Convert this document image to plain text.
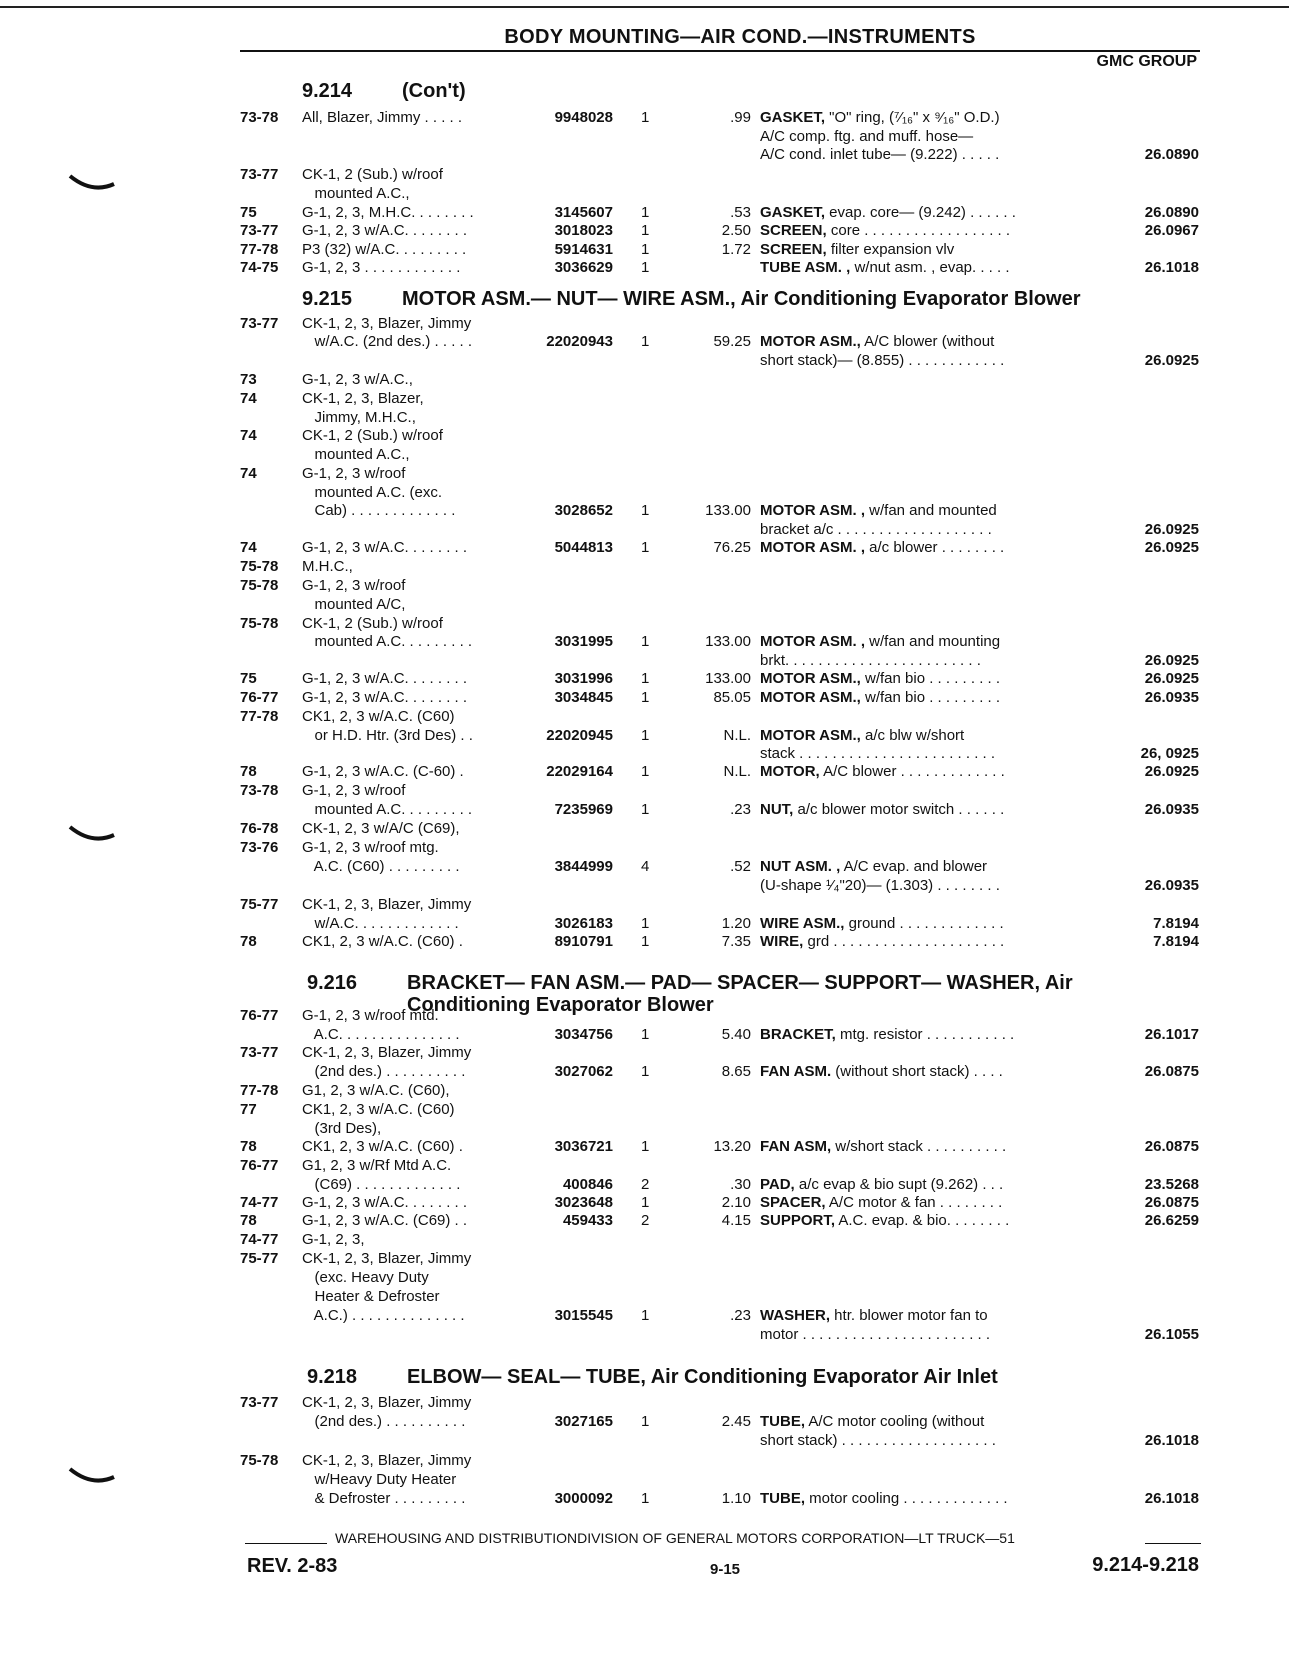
BODY MOUNTING—AIR COND.—INSTRUMENTS
GMC GROUP
9.214 (Con't)
9.215 MOTOR ASM.— NUT— WIRE ASM., Air Conditioning Evaporator Blower
9.216 BRACKET— FAN ASM.— PAD— SPACER— SUPPORT— WASHER, Air
Conditioning Evaporator Blower
9.218 ELBOW— SEAL— TUBE, Air Conditioning Evaporator Air Inlet
73-78 All, Blazer, Jimmy . . . . .	9948028 1	.99 GASKET, "O" ring, (⁷⁄₁₆" x ⁹⁄₁₆" O.D.)
A/C comp. ftg. and muff. hose—
A/C cond. inlet tube— (9.222) . . . . .	26.0890
73-77 CK-1, 2 (Sub.) w/roof
mounted A.C.,
75	G-1, 2, 3, M.H.C. . . . . . . .	3145607 1	.53 GASKET, evap. core— (9.242) . . . . . .	26.0890
73-77 G-1, 2, 3 w/A.C. . . . . . . .	3018023 1	2.50 SCREEN, core . . . . . . . . . . . . . . . . . .	26.0967
77-78 P3 (32) w/A.C. . . . . . . . .	5914631 1	1.72 SCREEN, filter expansion vlv
74-75 G-1, 2, 3 . . . . . . . . . . . .	3036629 1	TUBE ASM. , w/nut asm. , evap. . . . .	26.1018
73-77 CK-1, 2, 3, Blazer, Jimmy
w/A.C. (2nd des.) . . . . .	22020943 1	59.25 MOTOR ASM., A/C blower (without
short stack)— (8.855) . . . . . . . . . . . .	26.0925
73	G-1, 2, 3 w/A.C.,
74	CK-1, 2, 3, Blazer,
Jimmy, M.H.C.,
74	CK-1, 2 (Sub.) w/roof
mounted A.C.,
74	G-1, 2, 3 w/roof
mounted A.C. (exc.
Cab) . . . . . . . . . . . . .	3028652 1	133.00 MOTOR ASM. , w/fan and mounted
bracket a/c . . . . . . . . . . . . . . . . . . .	26.0925
74	G-1, 2, 3 w/A.C. . . . . . . .	5044813 1	76.25 MOTOR ASM. , a/c blower . . . . . . . .	26.0925
75-78 M.H.C.,
75-78 G-1, 2, 3 w/roof
mounted A/C,
75-78 CK-1, 2 (Sub.) w/roof
mounted A.C. . . . . . . . .	3031995 1	133.00 MOTOR ASM. , w/fan and mounting
brkt. . . . . . . . . . . . . . . . . . . . . . . .	26.0925
75	G-1, 2, 3 w/A.C. . . . . . . .	3031996 1	133.00 MOTOR ASM., w/fan bio . . . . . . . . .	26.0925
76-77 G-1, 2, 3 w/A.C. . . . . . . .	3034845 1	85.05 MOTOR ASM., w/fan bio . . . . . . . . .	26.0935
77-78 CK1, 2, 3 w/A.C. (C60)
or H.D. Htr. (3rd Des) . .	22020945 1	N.L. MOTOR ASM., a/c blw w/short
stack . . . . . . . . . . . . . . . . . . . . . . . .	26, 0925
78	G-1, 2, 3 w/A.C. (C-60) .	22029164 1	N.L. MOTOR, A/C blower . . . . . . . . . . . . .	26.0925
73-78 G-1, 2, 3 w/roof
mounted A.C. . . . . . . . .	7235969 1	.23 NUT, a/c blower motor switch . . . . . .	26.0935
76-78 CK-1, 2, 3 w/A/C (C69),
73-76 G-1, 2, 3 w/roof mtg.
A.C. (C60) . . . . . . . . .	3844999 4	.52 NUT ASM. , A/C evap. and blower
(U-shape ¹⁄₄"20)— (1.303) . . . . . . . .	26.0935
75-77 CK-1, 2, 3, Blazer, Jimmy
w/A.C. . . . . . . . . . . . .	3026183 1	1.20 WIRE ASM., ground . . . . . . . . . . . . .	7.8194
78	CK1, 2, 3 w/A.C. (C60) .	8910791 1	7.35 WIRE, grd . . . . . . . . . . . . . . . . . . . . .	7.8194
76-77 G-1, 2, 3 w/roof mtd.
A.C. . . . . . . . . . . . . . .	3034756 1	5.40 BRACKET, mtg. resistor . . . . . . . . . . .	26.1017
73-77 CK-1, 2, 3, Blazer, Jimmy
(2nd des.) . . . . . . . . . .	3027062 1	8.65 FAN ASM. (without short stack) . . . .	26.0875
77-78 G1, 2, 3 w/A.C. (C60),
77	CK1, 2, 3 w/A.C. (C60)
(3rd Des),
78	CK1, 2, 3 w/A.C. (C60) .	3036721 1	13.20 FAN ASM, w/short stack . . . . . . . . . .	26.0875
76-77 G1, 2, 3 w/Rf Mtd A.C.
(C69) . . . . . . . . . . . . .	400846 2	.30 PAD, a/c evap & bio supt (9.262) . . .	23.5268
74-77 G-1, 2, 3 w/A.C. . . . . . . .	3023648 1	2.10 SPACER, A/C motor & fan . . . . . . . .	26.0875
78	G-1, 2, 3 w/A.C. (C69) . .	459433 2	4.15 SUPPORT, A.C. evap. & bio. . . . . . . .	26.6259
74-77 G-1, 2, 3,
75-77 CK-1, 2, 3, Blazer, Jimmy
(exc. Heavy Duty
Heater & Defroster
A.C.) . . . . . . . . . . . . . .	3015545 1	.23 WASHER, htr. blower motor fan to
motor . . . . . . . . . . . . . . . . . . . . . . .	26.1055
73-77 CK-1, 2, 3, Blazer, Jimmy
(2nd des.) . . . . . . . . . .	3027165 1	2.45 TUBE, A/C motor cooling (without
short stack) . . . . . . . . . . . . . . . . . . .	26.1018
75-78 CK-1, 2, 3, Blazer, Jimmy
w/Heavy Duty Heater
& Defroster . . . . . . . . .	3000092 1	1.10 TUBE, motor cooling . . . . . . . . . . . . .	26.1018
WAREHOUSING AND DISTRIBUTIONDIVISION OF GENERAL MOTORS CORPORATION—LT TRUCK—51
REV. 2-83	9-15	9.214-9.218
